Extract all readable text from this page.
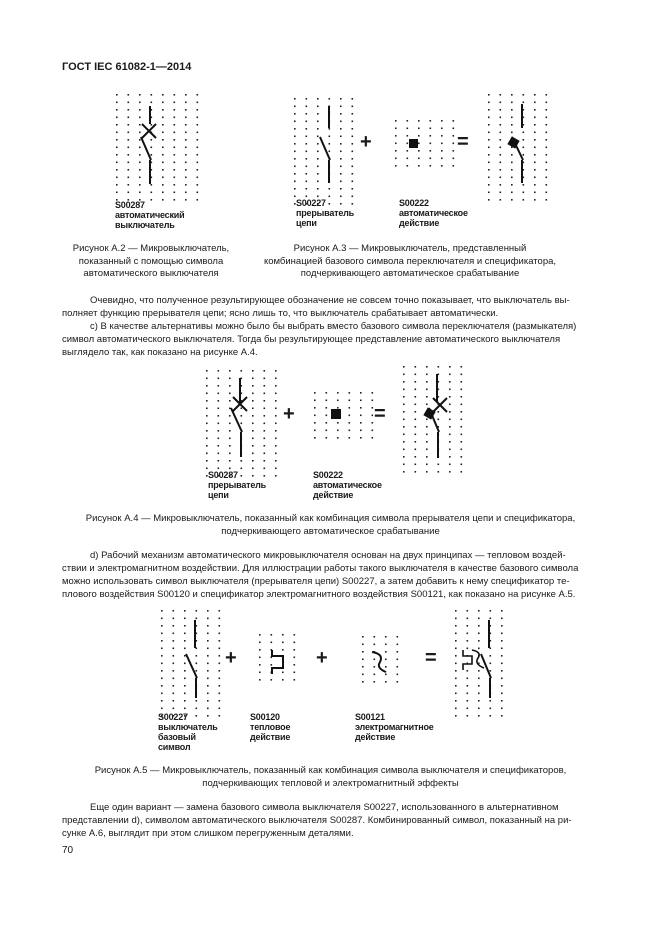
ГОСТ IEC 61082-1—2014
S00287
автоматический
выключатель
Рисунок А.2 — Микровыключатель,
показанный с помощью символа
автоматического выключателя
+	=
S00227
прерыватель
цепи
S00222
автоматическое
действие
Рисунок А.3 — Микровыключатель, представленный
комбинацией базового символа переключателя и спецификатора,
подчеркивающего автоматическое срабатывание
Очевидно, что полученное результирующее обозначение не совсем точно показывает, что выключатель вы-
полняет функцию прерывателя цепи; ясно лишь то, что выключатель срабатывает автоматически.
c) В качестве альтернативы можно было бы выбрать вместо базового символа переключателя (размыкателя)
символ автоматического выключателя. Тогда бы результирующее представление автоматического выключателя
выглядело так, как показано на рисунке А.4.
+	=
S00287
прерыватель
цепи
S00222
автоматическое
действие
Рисунок А.4 — Микровыключатель, показанный как комбинация символа прерывателя цепи и спецификатора,
подчеркивающего автоматическое срабатывание
d) Рабочий механизм автоматического микровыключателя основан на двух принципах — тепловом воздей-
ствии и электромагнитном воздействии. Для иллюстрации работы такого выключателя в качестве базового символа
можно использовать символ выключателя (прерывателя цепи) S00227, а затем добавить к нему спецификатор те-
плового воздействия S00120 и спецификатор электромагнитного воздействия S00121, как показано на рисунке А.5.
+	+	=
S00227
выключатель
базовый
символ
S00120
тепловое
действие
S00121
электромагнитное
действие
Рисунок А.5 — Микровыключатель, показанный как комбинация символа выключателя и спецификаторов,
подчеркивающих тепловой и электромагнитный эффекты
Еще один вариант — замена базового символа выключателя S00227, использованного в альтернативном
представлении d), символом автоматического выключателя S00287. Комбинированный символ, показанный на ри-
сунке А.6, выглядит при этом слишком перегруженным деталями.
70
